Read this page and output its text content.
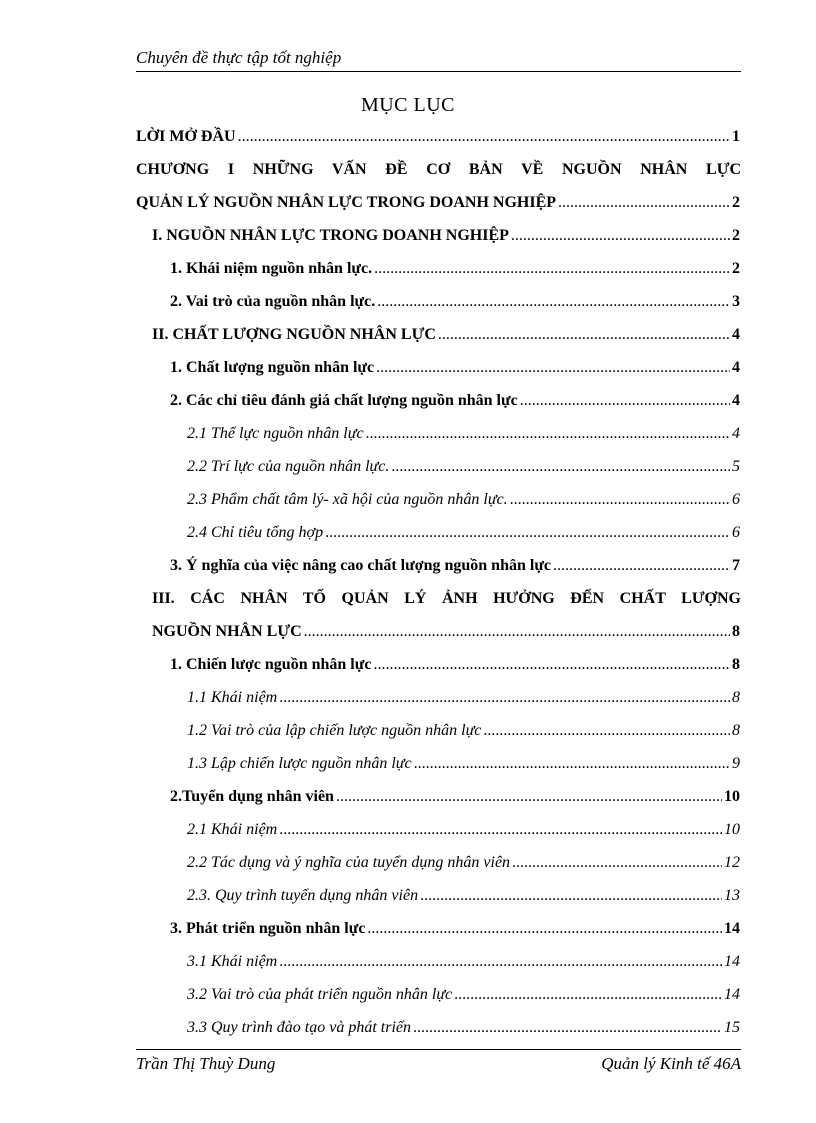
Chuyên đề thực tập tốt nghiệp
MỤC LỤC
LỜI MỞ ĐẦU .....	1
CHƯƠNG I NHỮNG VẤN ĐỀ CƠ BẢN VỀ NGUỒN NHÂN LỰC
QUẢN LÝ NGUỒN NHÂN LỰC TRONG DOANH NGHIỆP .....	2
I. NGUỒN NHÂN LỰC TRONG DOANH NGHIỆP .....	2
1. Khái niệm nguồn nhân lực. .....	2
2. Vai trò của nguồn nhân lực. .....	3
II. CHẤT LƯỢNG NGUỒN NHÂN LỰC .....	4
1. Chất lượng nguồn nhân lực .....	4
2. Các chỉ tiêu đánh giá chất lượng nguồn nhân lực .....	4
2.1 Thể lực nguồn nhân lực .....	4
2.2 Trí lực của nguồn nhân lực. .....	5
2.3 Phẩm chất tâm lý- xã hội của nguồn nhân lực. .....	6
2.4 Chỉ tiêu tổng hợp .....	6
3. Ý nghĩa của việc nâng cao chất lượng nguồn nhân lực .....	7
III. CÁC NHÂN TỐ QUẢN LÝ ẢNH HƯỞNG ĐẾN CHẤT LƯỢNG
NGUỒN NHÂN LỰC .....	8
1. Chiến lược nguồn nhân lực .....	8
1.1 Khái niệm .....	8
1.2 Vai trò của lập chiến lược nguồn nhân lực .....	8
1.3 Lập chiến lược nguồn nhân lực .....	9
2.Tuyển dụng nhân viên .....	10
2.1 Khái niệm .....	10
2.2 Tác dụng và ý nghĩa của tuyển dụng nhân viên .....	12
2.3. Quy trình tuyển dụng nhân viên .....	13
3. Phát triển nguồn nhân lực .....	14
3.1 Khái niệm .....	14
3.2 Vai trò của phát triển nguồn nhân lực .....	14
3.3 Quy trình đào tạo và phát triển .....	15
Trần Thị Thuỳ Dung	Quản lý Kinh tế 46A
